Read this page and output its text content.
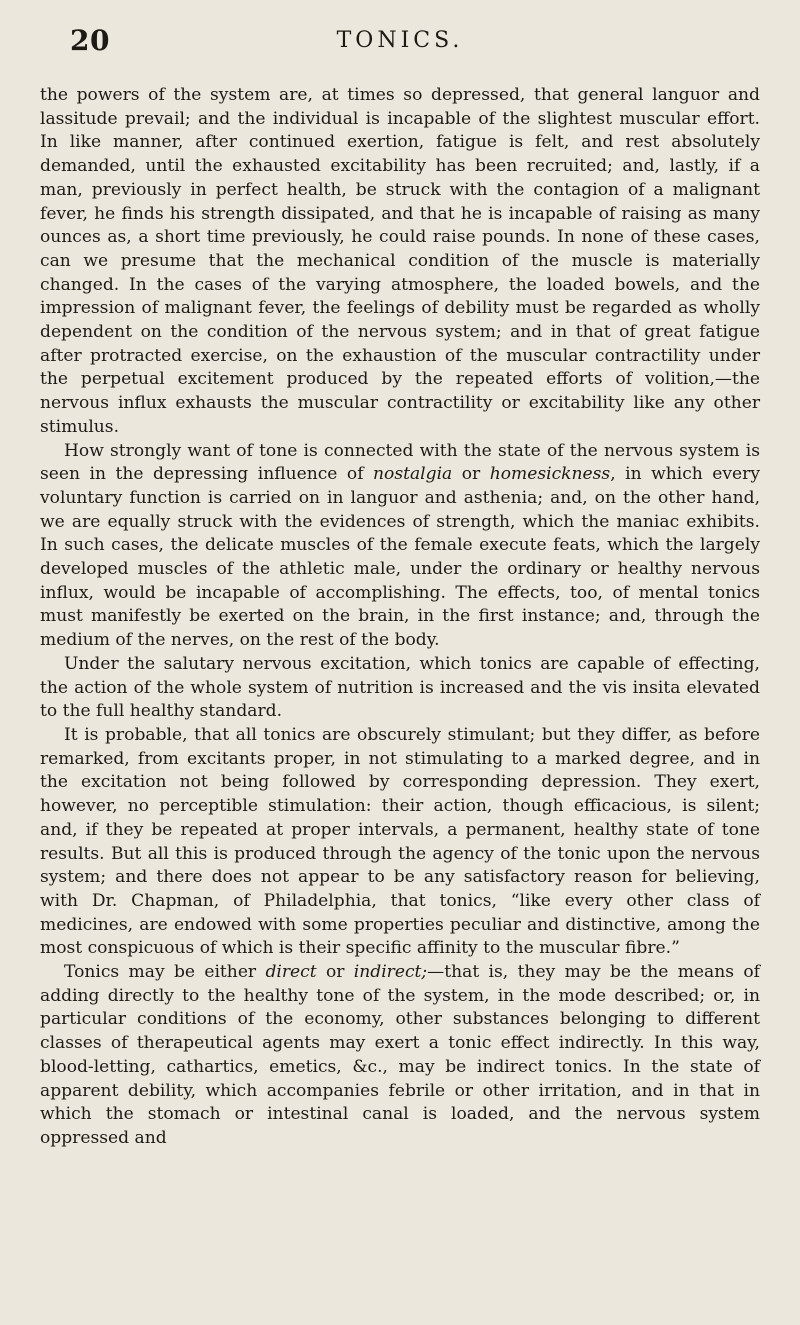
20	TONICS.

the powers of the system are, at times so depressed, that general languor and lassitude prevail; and the individual is incapable of the slightest muscular effort. In like manner, after continued exertion, fatigue is felt, and rest absolutely demanded, until the exhausted excitability has been recruited; and, lastly, if a man, previously in perfect health, be struck with the contagion of a malignant fever, he finds his strength dissipated, and that he is incapable of raising as many ounces as, a short time previously, he could raise pounds. In none of these cases, can we presume that the mechanical condition of the muscle is materially changed. In the cases of the varying atmosphere, the loaded bowels, and the impression of malignant fever, the feelings of debility must be regarded as wholly dependent on the condition of the nervous system; and in that of great fatigue after protracted exercise, on the exhaustion of the muscular contractility under the perpetual excitement produced by the repeated efforts of volition,—the nervous influx exhausts the muscular contractility or excitability like any other stimulus.

How strongly want of tone is connected with the state of the nervous system is seen in the depressing influence of nostalgia or homesickness, in which every voluntary function is carried on in languor and asthenia; and, on the other hand, we are equally struck with the evidences of strength, which the maniac exhibits. In such cases, the delicate muscles of the female execute feats, which the largely developed muscles of the athletic male, under the ordinary or healthy nervous influx, would be incapable of accomplishing. The effects, too, of mental tonics must manifestly be exerted on the brain, in the first instance; and, through the medium of the nerves, on the rest of the body.

Under the salutary nervous excitation, which tonics are capable of effecting, the action of the whole system of nutrition is increased and the vis insita elevated to the full healthy standard.

It is probable, that all tonics are obscurely stimulant; but they differ, as before remarked, from excitants proper, in not stimulating to a marked degree, and in the excitation not being followed by corresponding depression. They exert, however, no perceptible stimulation: their action, though efficacious, is silent; and, if they be repeated at proper intervals, a permanent, healthy state of tone results. But all this is produced through the agency of the tonic upon the nervous system; and there does not appear to be any satisfactory reason for believing, with Dr. Chapman, of Philadelphia, that tonics, “like every other class of medicines, are endowed with some properties peculiar and distinctive, among the most conspicuous of which is their specific affinity to the muscular fibre.”

Tonics may be either direct or indirect;—that is, they may be the means of adding directly to the healthy tone of the system, in the mode described; or, in particular conditions of the economy, other substances belonging to different classes of therapeutical agents may exert a tonic effect indirectly. In this way, blood-letting, cathartics, emetics, &c., may be indirect tonics. In the state of apparent debility, which accompanies febrile or other irritation, and in that in which the stomach or intestinal canal is loaded, and the nervous system oppressed and
